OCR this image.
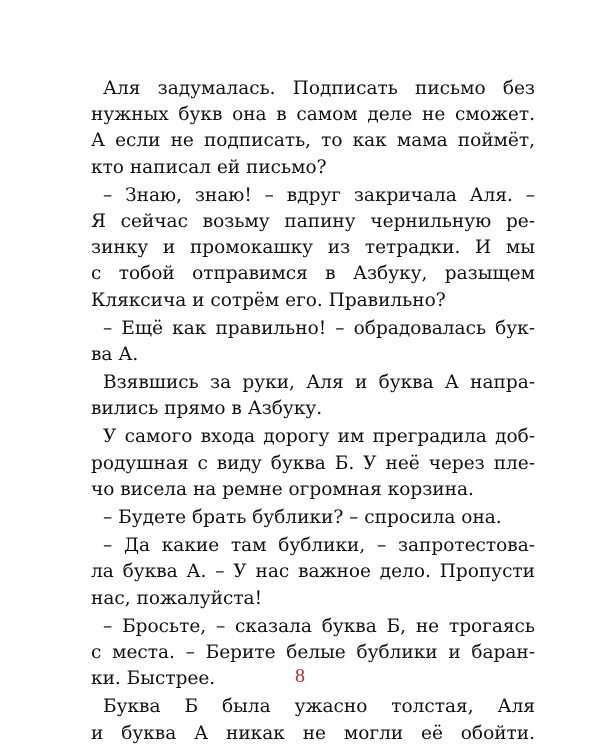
Аля задумалась. Подписать письмо без
нужных букв она в самом деле не сможет.
А если не подписать, то как мама поймёт,
кто написал ей письмо?

– Знаю, знаю! – вдруг закричала Аля. –
Я сейчас возьму папину чернильную ре-
зинку и промокашку из тетрадки. И мы
с тобой отправимся в Азбуку, разыщем
Кляксича и сотрём его. Правильно?

– Ещё как правильно! – обрадовалась бук-
ва А.

Взявшись за руки, Аля и буква А напра-
вились прямо в Азбуку.

У самого входа дорогу им преградила доб-
родушная с виду буква Б. У неё через пле-
чо висела на ремне огромная корзина.

– Будете брать бублики? – спросила она.

– Да какие там бублики, – запротестова-
ла буква А. – У нас важное дело. Пропусти
нас, пожалуйста!

– Бросьте, – сказала буква Б, не трогаясь
с места. – Берите белые бублики и баран-
ки. Быстрее.

Буква Б была ужасно толстая, Аля
и буква А никак не могли её обойти.

8
